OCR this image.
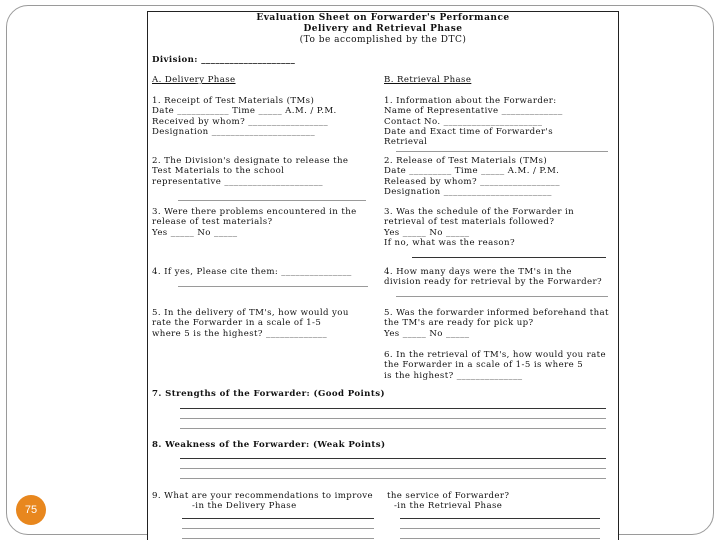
75
Evaluation Sheet on Forwarder's Performance
Delivery and Retrieval Phase
(To be accomplished by the DTC)
Division: ____________________
A. Delivery Phase	B. Retrieval Phase
1. Receipt of Test Materials (TMs)
Date ___________ Time _____ A.M. / P.M.
Received by whom? _________________
Designation ______________________
1. Information about the Forwarder:
Name of Representative _____________
Contact No. _____________________
Date and Exact time of Forwarder's
Retrieval
2. The Division's designate to release the
Test Materials to the school
representative _____________________
2. Release of Test Materials (TMs)
Date _________ Time _____ A.M. / P.M.
Released by whom? _________________
Designation _______________________
3. Were there problems encountered in the
release of test materials?
Yes _____ No _____
3. Was the schedule of the Forwarder in
retrieval of test materials followed?
Yes _____ No _____
If no, what was the reason?
4. If yes, Please cite them: _______________	4. How many days were the TM's in the
division ready for retrieval by the Forwarder?
5. In the delivery of TM's, how would you
rate the Forwarder in a scale of 1-5
where 5 is the highest? _____________
5. Was the forwarder informed beforehand that
the TM's are ready for pick up?
Yes _____ No _____
6. In the retrieval of TM's, how would you rate
the Forwarder in a scale of 1-5 is where 5
is the highest? ______________
7. Strengths of the Forwarder: (Good Points)
8. Weakness of the Forwarder: (Weak Points)
9. What are your recommendations to improve the service of Forwarder?
-in the Delivery Phase	-in the Retrieval Phase
